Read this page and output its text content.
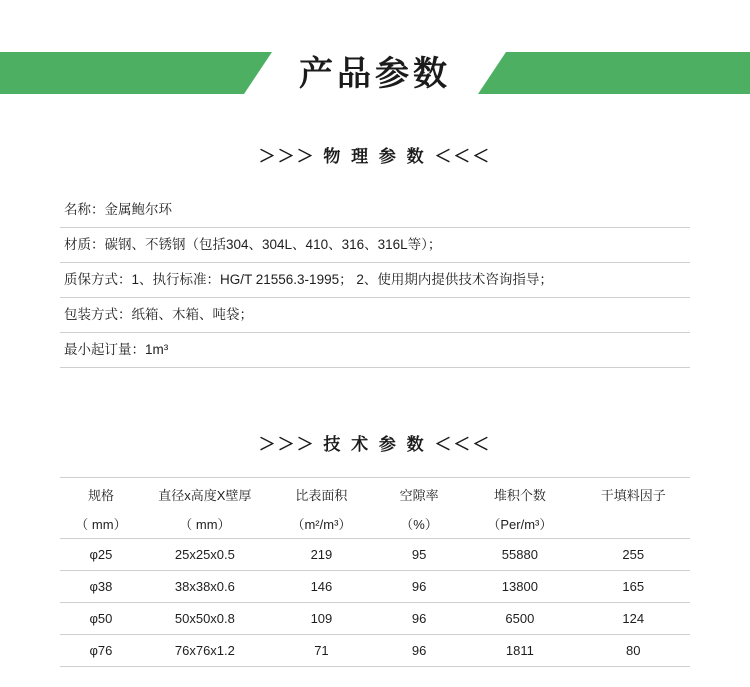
产品参数
＞＞＞ 物 理 参 数 ＜＜＜
名称：金属鲍尔环
材质：碳钢、不锈钢（包括304、304L、410、316、316L等）；
质保方式：1、执行标准：HG/T 21556.3-1995； 2、使用期内提供技术咨询指导；
包装方式：纸箱、木箱、吨袋；
最小起订量：1m³
＞＞＞ 技 术 参 数 ＜＜＜
规格	直径x高度X壁厚	比表面积	空隙率	堆积个数	干填料因子
（ mm）	（ mm）	（m²/m³）	（%）	（Per/m³）	
φ25	25x25x0.5	219	95	55880	255
φ38	38x38x0.6	146	96	13800	165
φ50	50x50x0.8	109	96	6500	124
φ76	76x76x1.2	71	96	1811	80
